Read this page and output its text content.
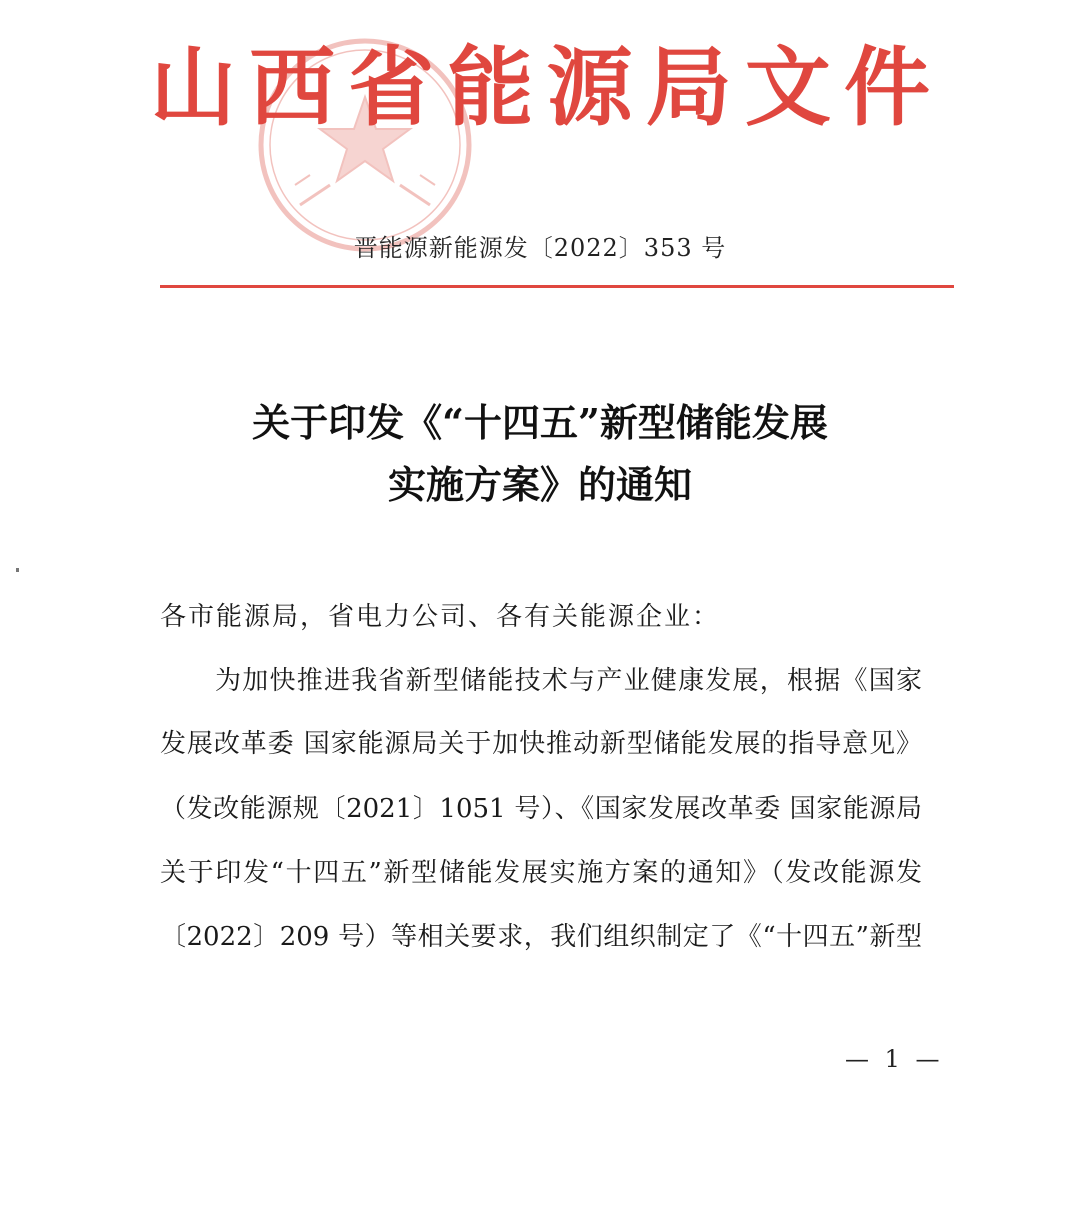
山 西 省 能 源 局 文 件
晋能源新能源发〔2022〕353 号
关于印发《“十四五”新型储能发展
实施方案》的通知
各市能源局，省电力公司、各有关能源企业：
为加快推进我省新型储能技术与产业健康发展，根据《国家
发展改革委 国家能源局关于加快推动新型储能发展的指导意见》
（发改能源规〔2021〕1051 号）、《国家发展改革委 国家能源局
关于印发“十四五”新型储能发展实施方案的通知》（发改能源发
〔2022〕209 号）等相关要求，我们组织制定了《“十四五”新型
— 1 —
